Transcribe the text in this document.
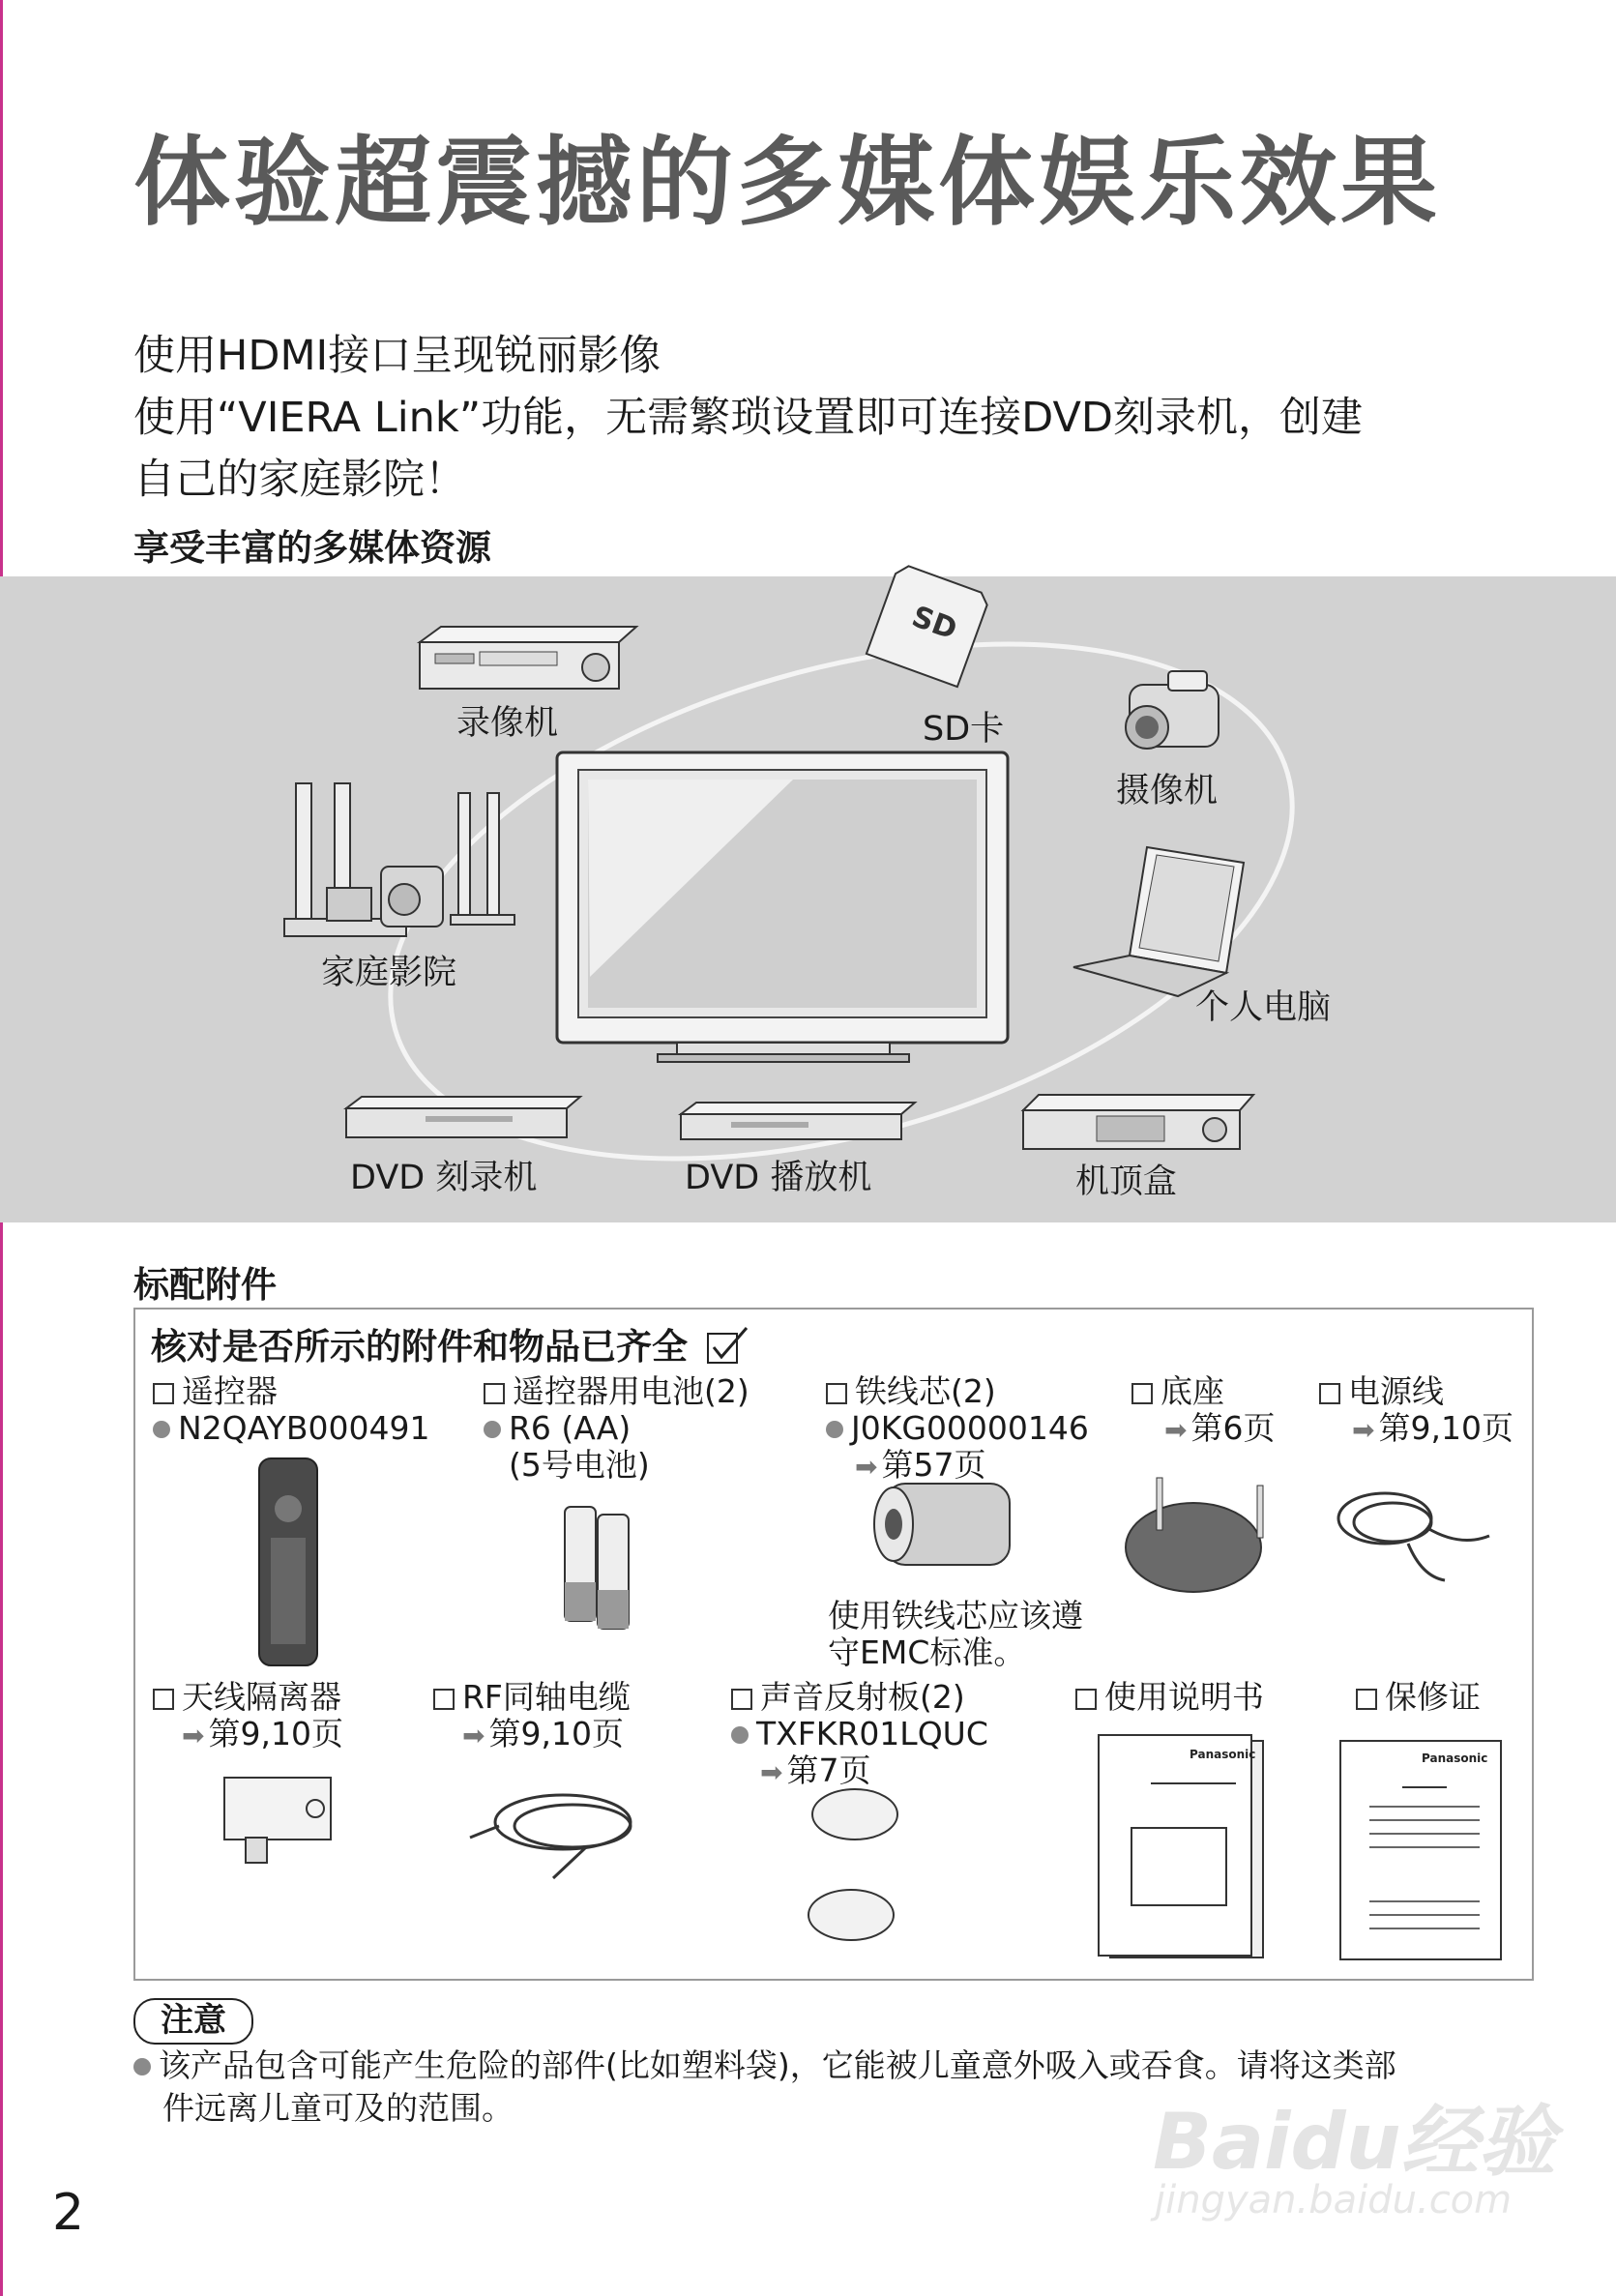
体验超震撼的多媒体娱乐效果
使用HDMI接口呈现锐丽影像
使用“VIERA Link”功能，无需繁琐设置即可连接DVD刻录机，创建
自己的家庭影院！
享受丰富的多媒体资源
SD
录像机	SD卡
摄像机
家庭影院
个人电脑
DVD 刻录机	DVD 播放机	机顶盒
标配附件
核对是否所示的附件和物品已齐全
遥控器
N2QAYB000491
遥控器用电池(2)
R6 (AA)
(5号电池)
铁线芯(2)
J0KG00000146
➡ 第57页
底座
➡ 第6页
电源线
➡ 第9,10页
使用铁线芯应该遵
守EMC标准。
天线隔离器
➡ 第9,10页
RF同轴电缆
➡ 第9,10页
声音反射板(2)
TXFKR01LQUC
➡ 第7页
使用说明书	保修证
Panasonic	Panasonic
注意
该产品包含可能产生危险的部件(比如塑料袋)，它能被儿童意外吸入或吞食。请将这类部
件远离儿童可及的范围。
2
Baidu经验
jingyan.baidu.com
